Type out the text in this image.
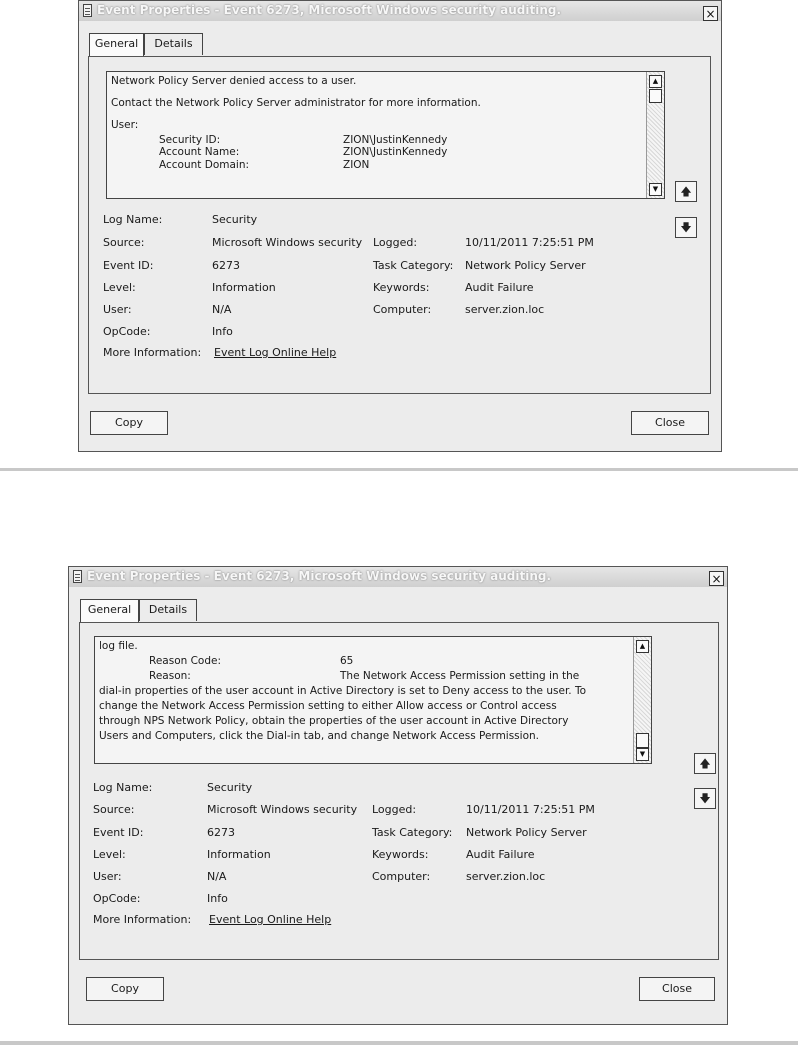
Event Properties - Event 6273, Microsoft Windows security auditing.	×
General	Details
Network Policy Server denied access to a user.
Contact the Network Policy Server administrator for more information.
User:
Security ID:	ZION\JustinKennedy
Account Name:	ZION\JustinKennedy
Account Domain:	ZION
▲
▼
Log Name:	Security
Source:	Microsoft Windows security Logged:	10/11/2011 7:25:51 PM
Event ID:	6273	Task Category: Network Policy Server
Level:	Information	Keywords:	Audit Failure
User:	N/A	Computer:	server.zion.loc
OpCode:	Info
More Information: Event Log Online Help
🡅
🡇
Copy	Close
Event Properties - Event 6273, Microsoft Windows security auditing.	×
General	Details
log file.
Reason Code:	65
Reason:	The Network Access Permission setting in the
dial-in properties of the user account in Active Directory is set to Deny access to the user. To
change the Network Access Permission setting to either Allow access or Control access
through NPS Network Policy, obtain the properties of the user account in Active Directory
Users and Computers, click the Dial-in tab, and change Network Access Permission.
▲
▼
Log Name:	Security
Source:	Microsoft Windows security Logged:	10/11/2011 7:25:51 PM
Event ID:	6273	Task Category: Network Policy Server
Level:	Information	Keywords:	Audit Failure
User:	N/A	Computer:	server.zion.loc
OpCode:	Info
More Information: Event Log Online Help
🡅
🡇
Copy	Close
